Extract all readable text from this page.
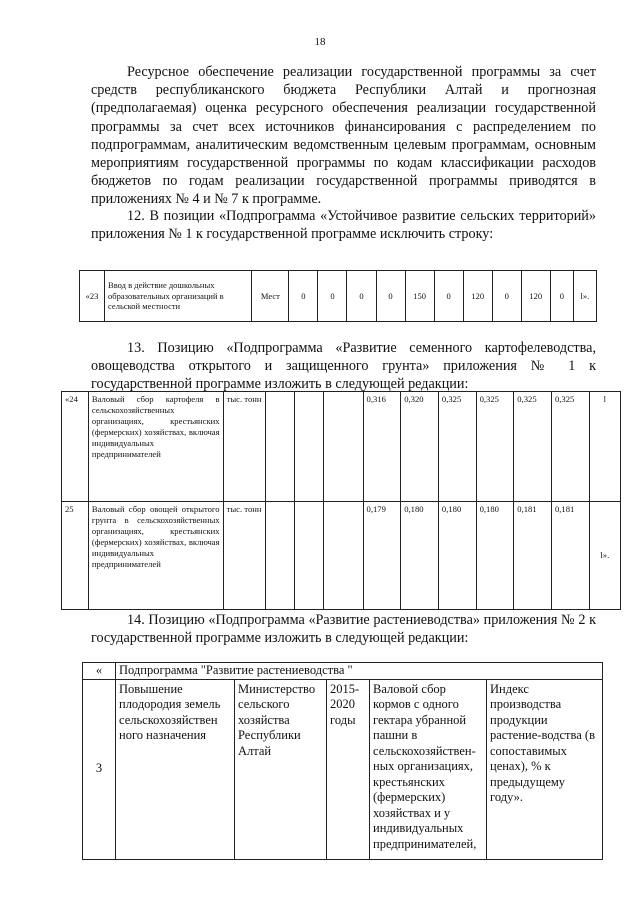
18
Ресурсное обеспечение реализации государственной программы за счет средств республиканского бюджета Республики Алтай и прогнозная (предполагаемая) оценка ресурсного обеспечения реализации государственной программы за счет всех источников финансирования с распределением по подпрограммам, аналитическим ведомственным целевым программам, основным мероприятиям государственной программы по кодам классификации расходов бюджетов по годам реализации государственной программы приводятся в приложениях № 4 и № 7 к программе.
12. В позиции «Подпрограмма «Устойчивое развитие сельских территорий» приложения № 1 к государственной программе исключить строку:
«23	Ввод в действие дошкольных образовательных организаций в сельской местности	Мест	0	0	0	0	150	0	120	0	120	0	l».
13. Позицию «Подпрограмма «Развитие семенного картофелеводства, овощеводства открытого и защищенного грунта» приложения № 1 к государственной программе изложить в следующей редакции:
«24	Валовый сбор картофеля в сельскохозяйственных организациях, крестьянских (фермерских) хозяйствах, включая индивидуальных предпринимателей	тыс. тонн				0,316	0,320	0,325	0,325	0,325	0,325	l
25	Валовый сбор овощей открытого грунта в сельскохозяйственных организациях, крестьянских (фермерских) хозяйствах, включая индивидуальных предпринимателей	тыс. тонн				0,179	0,180	0,180	0,180	0,181	0,181	l».
14. Позицию «Подпрограмма «Развитие растениеводства» приложения № 2 к государственной программе изложить в следующей редакции:
«	Подпрограмма "Развитие растениеводства "				
3	Повышение плодородия земель сельскохозяйствен ного назначения	Министерство сельского хозяйства Республики Алтай	2015-2020 годы	Валовой сбор кормов с одного гектара убранной пашни в сельскохозяйствен-ных организациях, крестьянских (фермерских) хозяйствах и у индивидуальных предпринимателей,	Индекс производства продукции растение-водства (в сопоставимых ценах), % к предыдущему году».
